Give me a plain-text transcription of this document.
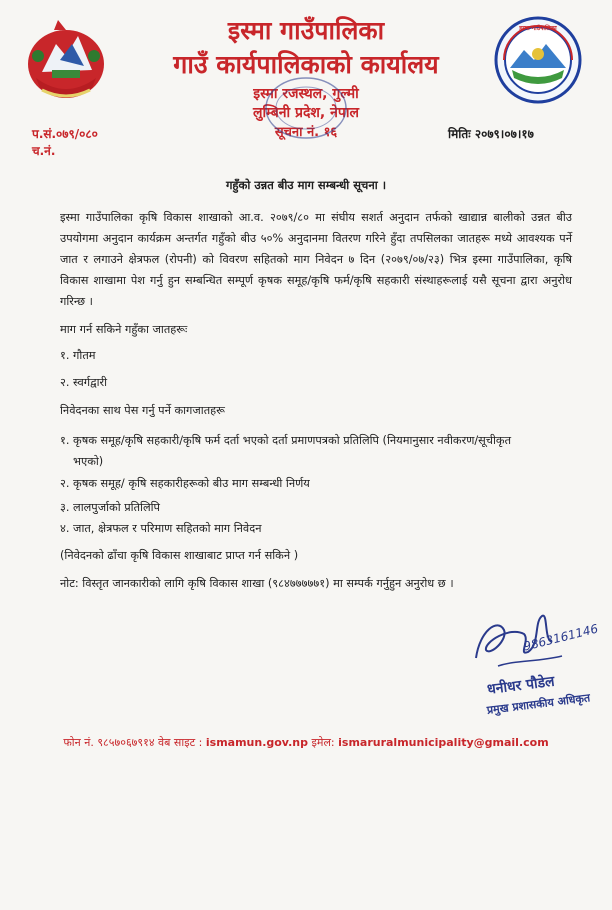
इस्मा गाउँपालिका
इस्मा गाउँपालिका
गाउँ कार्यपालिकाको कार्यालय
इस्मा रजस्थल, गुल्मी
लुम्बिनी प्रदेश, नेपाल
सूचना नं. १६
प.सं.०७९/०८०
च.नं.
मितिः २०७९।०७।१७
गहुँको उन्नत बीउ माग सम्बन्धी सूचना ।
इस्मा गाउँपालिका कृषि विकास शाखाको आ.व. २०७९/८० मा संघीय सशर्त अनुदान तर्फको खाद्यान्न बालीको उन्नत बीउ उपयोगमा अनुदान कार्यक्रम अन्तर्गत गहुँको बीउ ५०% अनुदानमा वितरण गरिने हुँदा तपसिलका जातहरू मध्ये आवश्यक पर्ने जात र लगाउने क्षेत्रफल (रोपनी) को विवरण सहितको माग निवेदन ७ दिन (२०७९/०७/२३) भित्र इस्मा गाउँपालिका, कृषि विकास शाखामा पेश गर्नु हुन सम्बन्धित सम्पूर्ण कृषक समूह/कृषि फर्म/कृषि सहकारी संस्थाहरूलाई यसै सूचना द्वारा अनुरोध गरिन्छ ।
माग गर्न सकिने गहुँका जातहरूः
१. गौतम
२. स्वर्गद्वारी
निवेदनका साथ पेस गर्नु पर्ने कागजातहरू
१. कृषक समूह/कृषि सहकारी/कृषि फर्म दर्ता भएको दर्ता प्रमाणपत्रको प्रतिलिपि (नियमानुसार नवीकरण/सूचीकृत
भएको)
२. कृषक समूह/ कृषि सहकारीहरूको बीउ माग सम्बन्धी निर्णय
३. लालपुर्जाको प्रतिलिपि
४. जात, क्षेत्रफल र परिमाण सहितको माग निवेदन
(निवेदनको ढाँचा कृषि विकास शाखाबाट प्राप्त गर्न सकिने )
नोट: विस्तृत जानकारीको लागि कृषि विकास शाखा (९८४७७७७७१) मा सम्पर्क गर्नुहुन अनुरोध छ ।
9863161146
धनीधर पौडेल
प्रमुख प्रशासकीय अधिकृत
फोन नं. ९८५७०६७९१४ वेब साइट : ismamun.gov.np इमेल: ismaruralmunicipality@gmail.com
